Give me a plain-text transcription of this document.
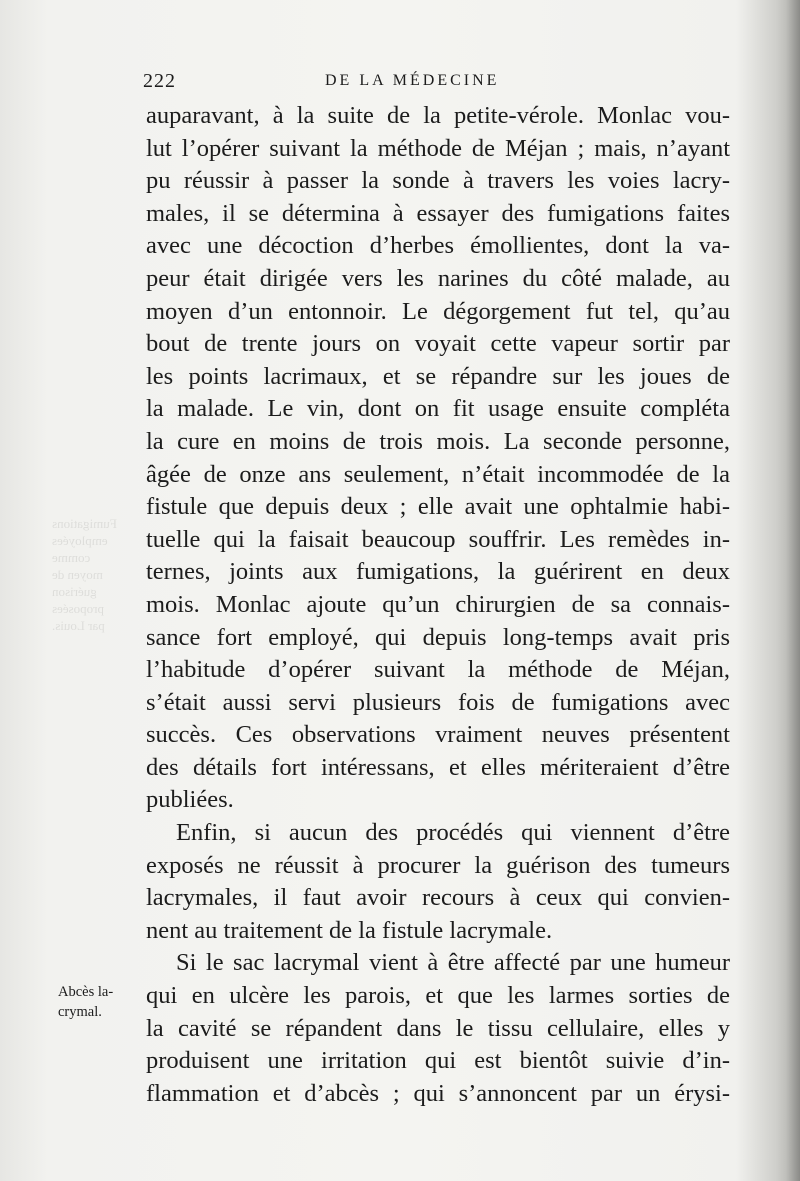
Fumigations
employées
comme
moyen de
guérison
proposées
par Louis.
222	DE LA MÉDECINE
auparavant, à la suite de la petite-vérole. Monlac vou-
lut l’opérer suivant la méthode de Méjan ; mais, n’ayant
pu réussir à passer la sonde à travers les voies lacry-
males, il se détermina à essayer des fumigations faites
avec une décoction d’herbes émollientes, dont la va-
peur était dirigée vers les narines du côté malade, au
moyen d’un entonnoir. Le dégorgement fut tel, qu’au
bout de trente jours on voyait cette vapeur sortir par
les points lacrimaux, et se répandre sur les joues de
la malade. Le vin, dont on fit usage ensuite compléta
la cure en moins de trois mois. La seconde personne,
âgée de onze ans seulement, n’était incommodée de la
fistule que depuis deux ; elle avait une ophtalmie habi-
tuelle qui la faisait beaucoup souffrir. Les remèdes in-
ternes, joints aux fumigations, la guérirent en deux
mois. Monlac ajoute qu’un chirurgien de sa connais-
sance fort employé, qui depuis long-temps avait pris
l’habitude d’opérer suivant la méthode de Méjan,
s’était aussi servi plusieurs fois de fumigations avec
succès. Ces observations vraiment neuves présentent
des détails fort intéressans, et elles mériteraient d’être
publiées.
Enfin, si aucun des procédés qui viennent d’être
exposés ne réussit à procurer la guérison des tumeurs
lacrymales, il faut avoir recours à ceux qui convien-
nent au traitement de la fistule lacrymale.
Si le sac lacrymal vient à être affecté par une humeur
qui en ulcère les parois, et que les larmes sorties de
la cavité se répandent dans le tissu cellulaire, elles y
produisent une irritation qui est bientôt suivie d’in-
flammation et d’abcès ; qui s’annoncent par un érysi-
Abcès la-
crymal.
